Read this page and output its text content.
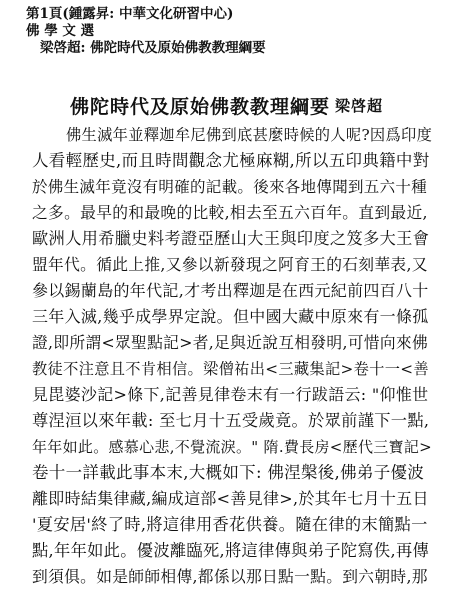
第1頁(鍾露昇: 中華文化研習中心)
佛 學 文 選
梁啓超: 佛陀時代及原始佛教教理綱要
佛陀時代及原始佛教教理綱要 梁啓超
佛生滅年並釋迦牟尼佛到底甚麼時候的人呢?因爲印度
人看輕歷史,而且時間觀念尤極麻糊,所以五印典籍中對
於佛生滅年竟沒有明確的記載。後來各地傳聞到五六十種
之多。最早的和最晚的比較,相去至五六百年。直到最近,
歐洲人用希臘史料考證亞歷山大王與印度之笈多大王會
盟年代。循此上推,又參以新發現之阿育王的石刻華表,又
參以錫蘭島的年代記,才考出釋迦是在西元紀前四百八十
三年入滅,幾乎成學界定說。但中國大藏中原來有一條孤
證,即所謂<眾聖點記>者,足與近說互相發明,可惜向來佛
教徒不注意且不肯相信。梁僧祐出<三藏集記>卷十一<善
見毘婆沙記>條下,記善見律卷末有一行跋語云: "仰惟世
尊涅洹以來年載: 至七月十五受歲竟。於眾前謹下一點,
年年如此。感慕心悲,不覺流淚。" 隋.費長房<歷代三寶記>
卷十一詳載此事本末,大概如下: 佛涅槃後,佛弟子優波
離即時結集律藏,編成這部<善見律>,於其年七月十五日
'夏安居'終了時,將這律用香花供養。隨在律的末簡點一
點,年年如此。優波離臨死,將這律傳與弟子陀寫佚,再傳
到須俱。如是師師相傳,都係以那日點一點。到六朝時,那
